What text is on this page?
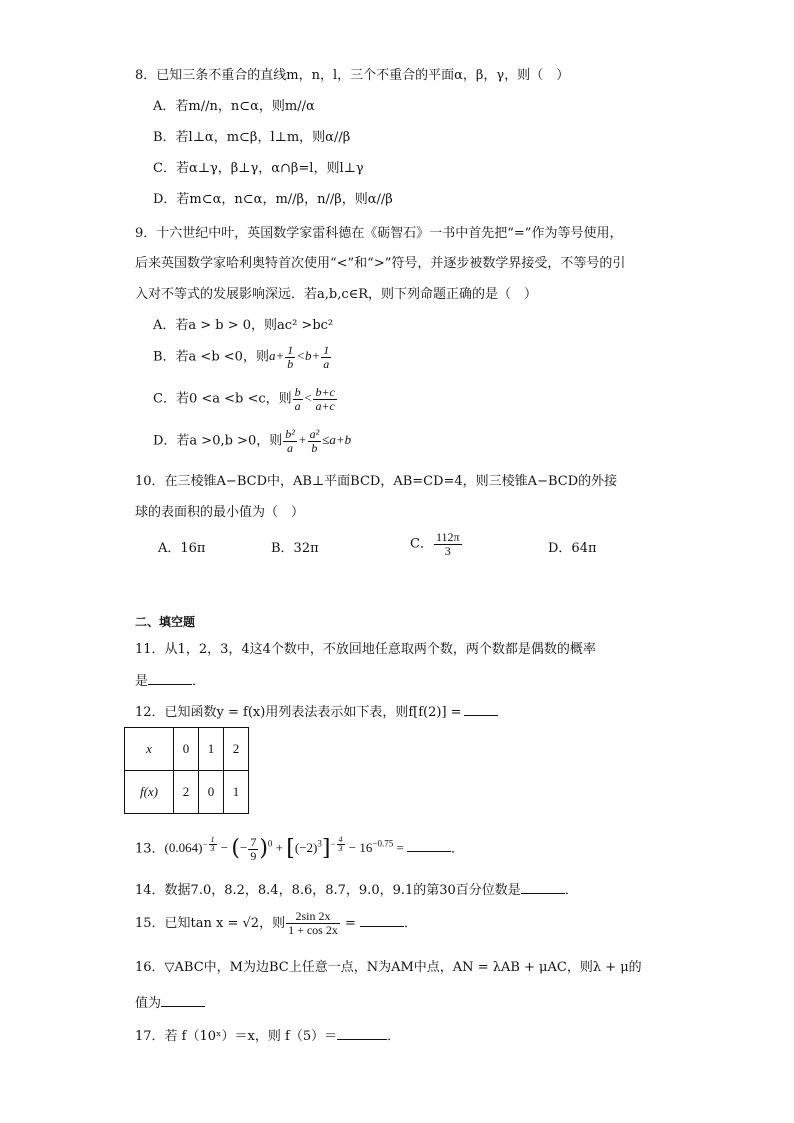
8．已知三条不重合的直线m，n，l，三个不重合的平面α，β，γ，则（　）
A．若m//n，n⊂α，则m//α
B．若l⊥α，m⊂β，l⊥m，则α//β
C．若α⊥γ，β⊥γ，α∩β=l，则l⊥γ
D．若m⊂α，n⊂α，m//β，n//β，则α//β
9．十六世纪中叶，英国数学家雷科德在《砺智石》一书中首先把“=”作为等号使用，
后来英国数学家哈利奥特首次使用“<”和“>”符号，并逐步被数学界接受，不等号的引
入对不等式的发展影响深远．若a,b,c∈R，则下列命题正确的是（　）
A．若a > b > 0，则ac² >bc²
B．若a <b <0，则$a+ \frac{1}{b} <b+ \frac{1}{a}$
C．若0 <a <b <c，则 $\frac{b}{a} < \frac{b+c}{a+c}$
D．若a >0,b >0，则 $\frac{\text{b²}}{a} + \frac{\text{a²}}{b} \le a+b$
10．在三棱锥A−BCD中，AB⊥平面BCD，AB=CD=4，则三棱锥A−BCD的外接
球的表面积的最小值为（　）
A．16π	B．32π	C． $\frac{112\pi}{3}$	D．64π
二、填空题
11．从1，2，3，4这4个数中，不放回地任意取两个数，两个数都是偶数的概率
是	．
12．已知函数y = f(x)用列表法表示如下表，则f[f(2)] =
x	0	1	2
f(x)	2	0	1
13．$(0.064)^{- \frac{1}{3}}$ − (− $\frac{7}{9} )^0 + [(-2)^3]^{- \frac{4}{3}} - 16^{-0.75}$ =	．
14．数据7.0，8.2，8.4，8.6，8.7，9.0，9.1的第30百分位数是	．
15．已知tan x = √2，则 $\frac{2\sin 2x}{1 + \cos 2x}$ =	．
16．▽ABC中，M为边BC上任意一点，N为AM中点，AN = λAB + μAC，则λ + μ的
值为
17．若 f（10ˣ）＝x，则 f（5）＝	．
